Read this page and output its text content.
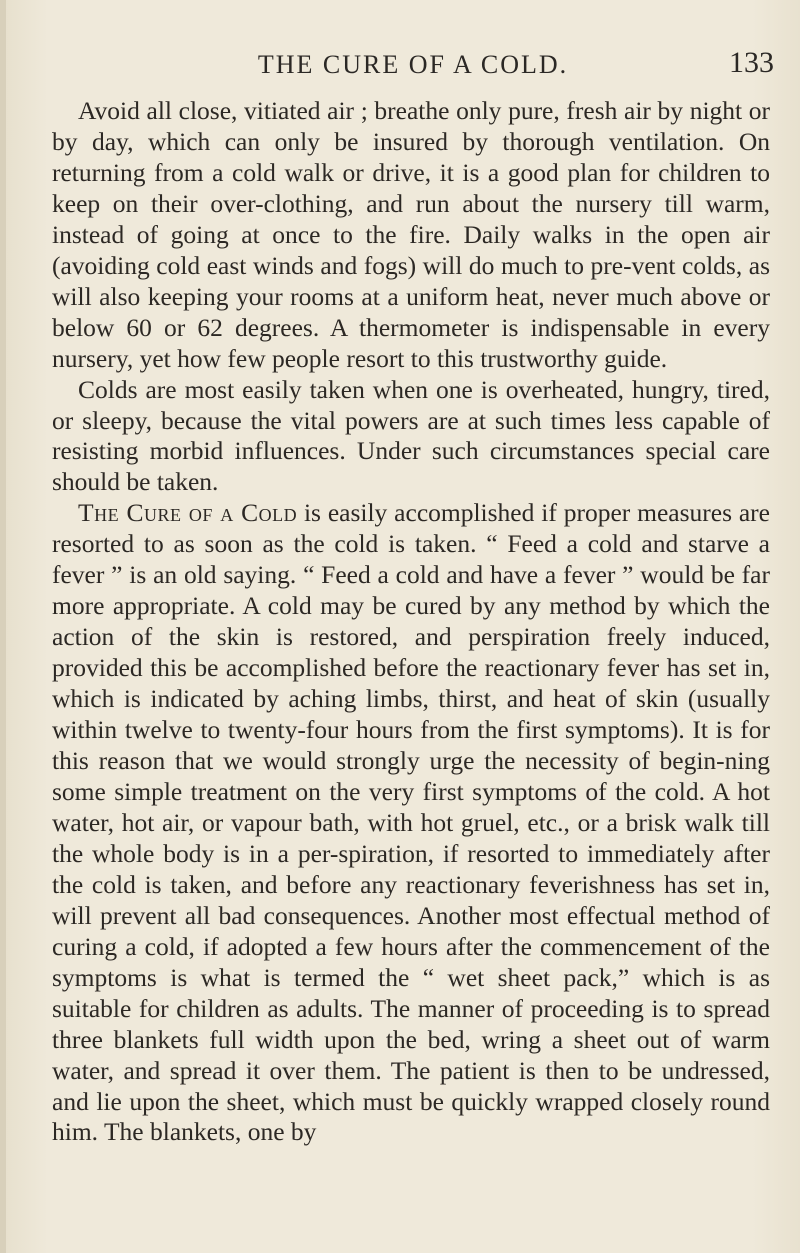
THE CURE OF A COLD.	133

Avoid all close, vitiated air ; breathe only pure, fresh air by night or by day, which can only be insured by thorough ventilation. On returning from a cold walk or drive, it is a good plan for children to keep on their over-clothing, and run about the nursery till warm, instead of going at once to the fire. Daily walks in the open air (avoiding cold east winds and fogs) will do much to pre-vent colds, as will also keeping your rooms at a uniform heat, never much above or below 60 or 62 degrees. A thermometer is indispensable in every nursery, yet how few people resort to this trustworthy guide.

Colds are most easily taken when one is overheated, hungry, tired, or sleepy, because the vital powers are at such times less capable of resisting morbid influences. Under such circumstances special care should be taken.

The Cure of a Cold is easily accomplished if proper measures are resorted to as soon as the cold is taken. “ Feed a cold and starve a fever ” is an old saying. “ Feed a cold and have a fever ” would be far more appropriate. A cold may be cured by any method by which the action of the skin is restored, and perspiration freely induced, provided this be accomplished before the reactionary fever has set in, which is indicated by aching limbs, thirst, and heat of skin (usually within twelve to twenty-four hours from the first symptoms). It is for this reason that we would strongly urge the necessity of begin-ning some simple treatment on the very first symptoms of the cold. A hot water, hot air, or vapour bath, with hot gruel, etc., or a brisk walk till the whole body is in a per-spiration, if resorted to immediately after the cold is taken, and before any reactionary feverishness has set in, will prevent all bad consequences. Another most effectual method of curing a cold, if adopted a few hours after the commencement of the symptoms is what is termed the “ wet sheet pack,” which is as suitable for children as adults. The manner of proceeding is to spread three blankets full width upon the bed, wring a sheet out of warm water, and spread it over them. The patient is then to be undressed, and lie upon the sheet, which must be quickly wrapped closely round him. The blankets, one by
